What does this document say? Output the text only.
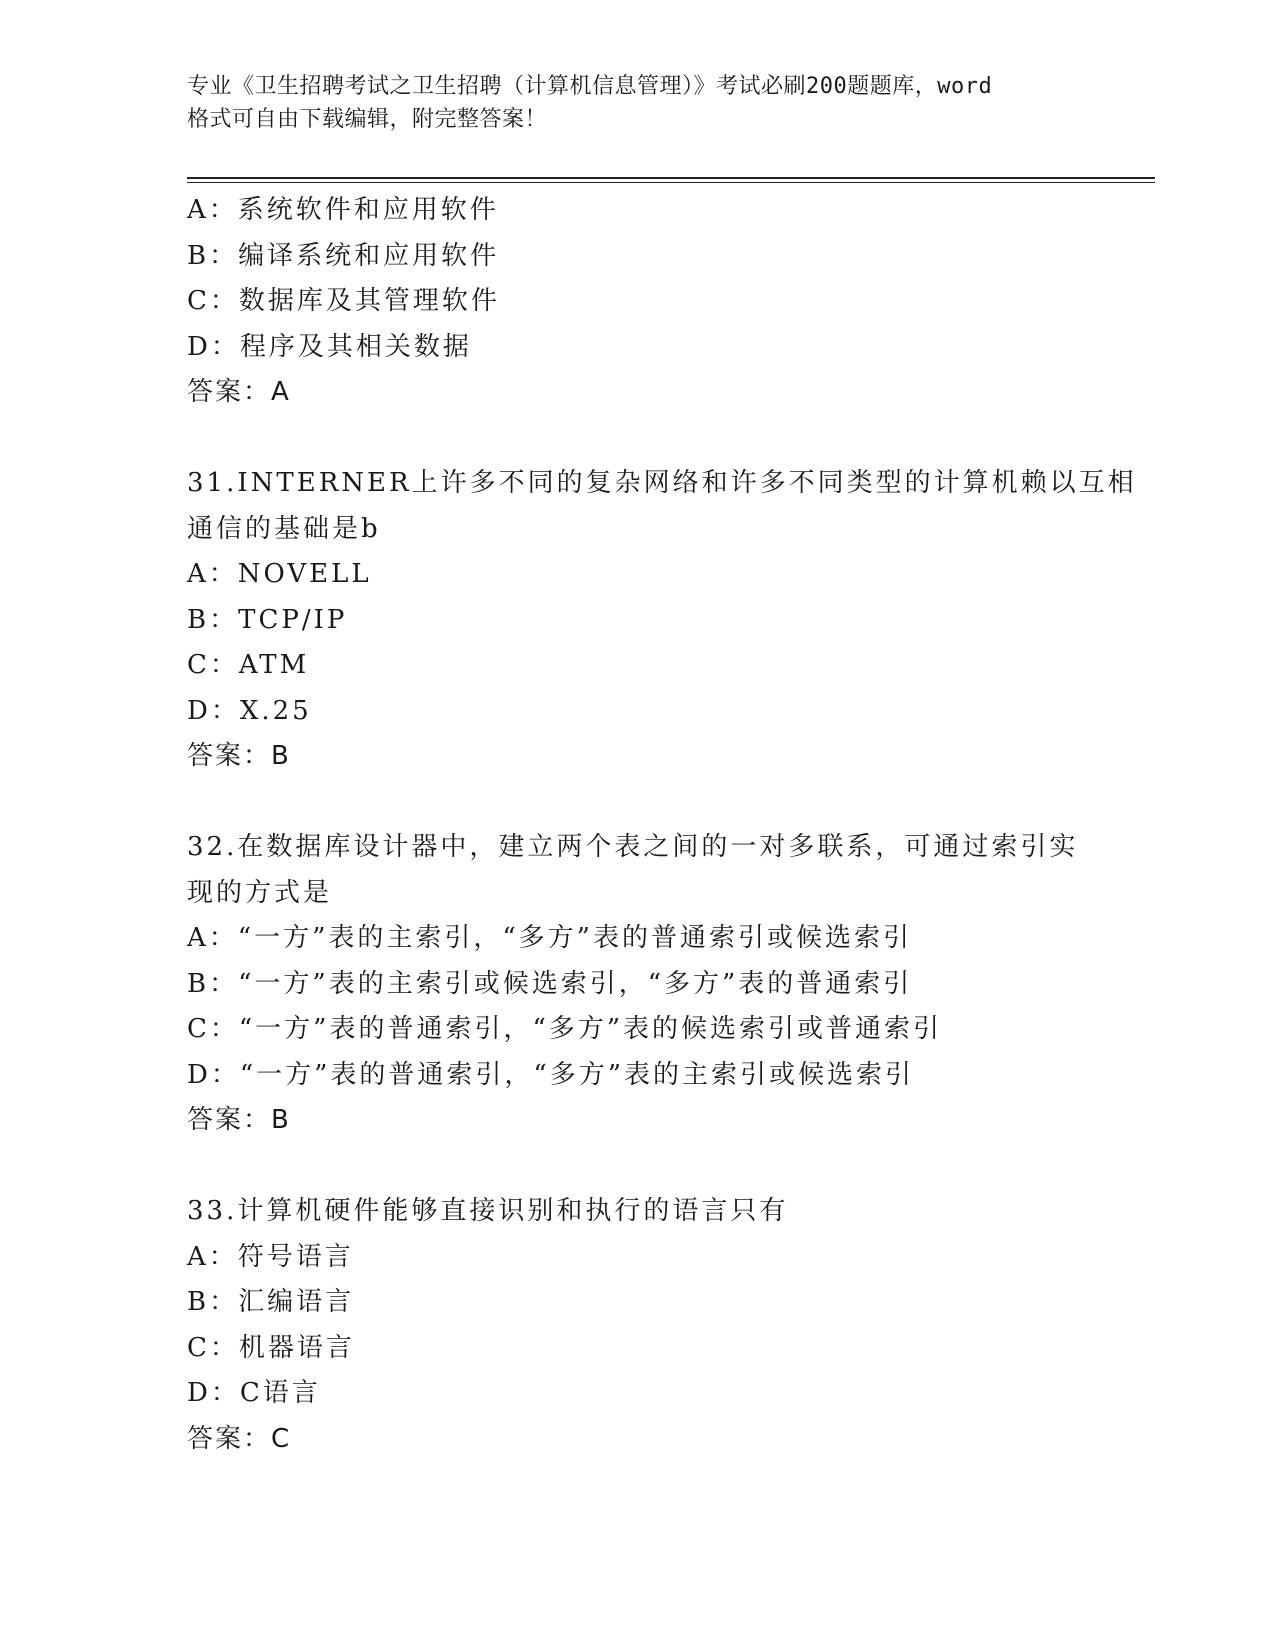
专业《卫生招聘考试之卫生招聘（计算机信息管理）》考试必刷200题题库，word
格式可自由下载编辑，附完整答案！
A：系统软件和应用软件
B：编译系统和应用软件
C：数据库及其管理软件
D：程序及其相关数据
答案：A
31.INTERNER上许多不同的复杂网络和许多不同类型的计算机赖以互相
通信的基础是b
A：NOVELL
B：TCP/IP
C：ATM
D：X.25
答案：B
32.在数据库设计器中，建立两个表之间的一对多联系，可通过索引实
现的方式是
A：“一方”表的主索引，“多方”表的普通索引或候选索引
B：“一方”表的主索引或候选索引，“多方”表的普通索引
C：“一方”表的普通索引，“多方”表的候选索引或普通索引
D：“一方”表的普通索引，“多方”表的主索引或候选索引
答案：B
33.计算机硬件能够直接识别和执行的语言只有
A：符号语言
B：汇编语言
C：机器语言
D：C语言
答案：C
